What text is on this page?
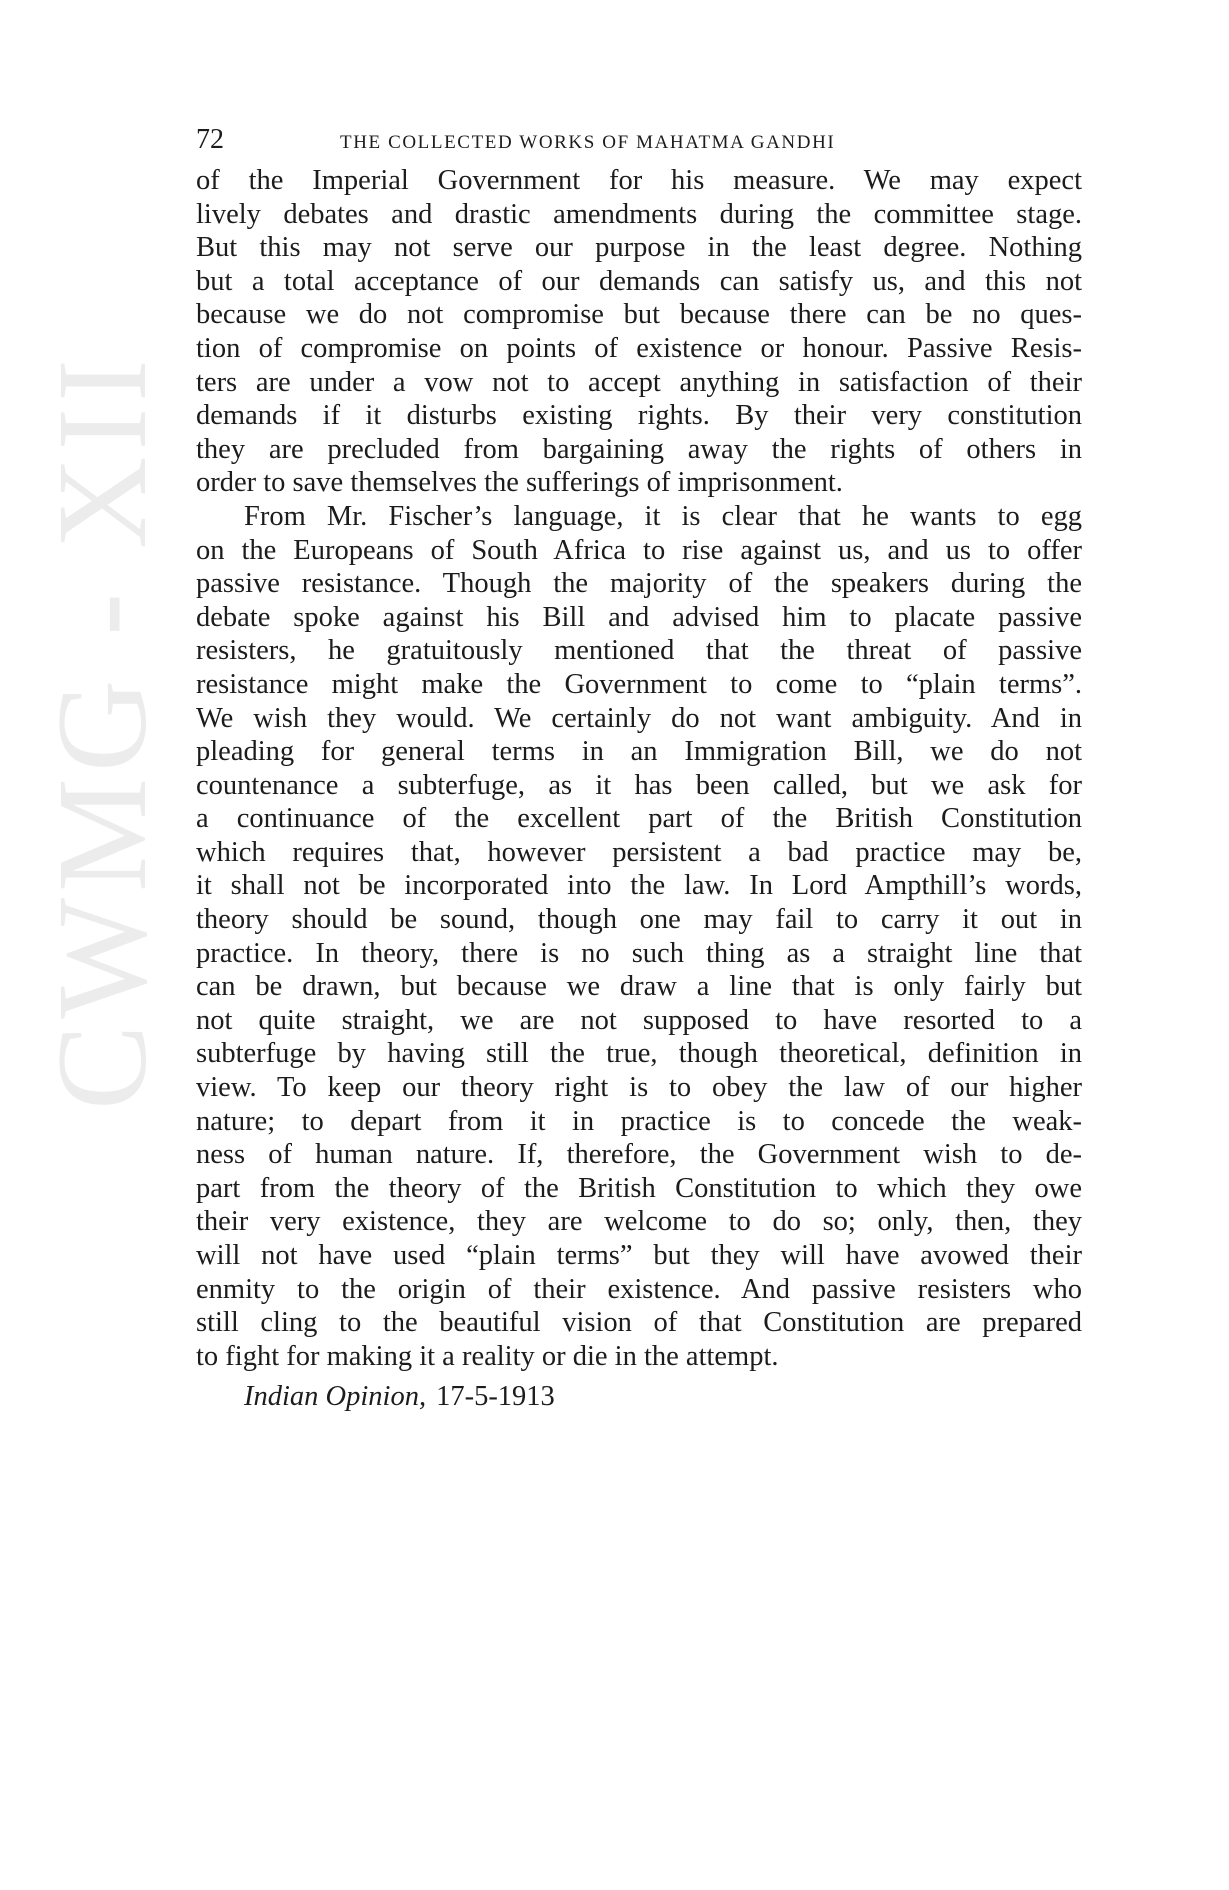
CWMG - XII
72	THE COLLECTED WORKS OF MAHATMA GANDHI
of the Imperial Government for his measure. We may expect
lively debates and drastic amendments during the committee stage.
But this may not serve our purpose in the least degree. Nothing
but a total acceptance of our demands can satisfy us, and this not
because we do not compromise but because there can be no ques-
tion of compromise on points of existence or honour. Passive Resis-
ters are under a vow not to accept anything in satisfaction of their
demands if it disturbs existing rights. By their very constitution
they are precluded from bargaining away the rights of others in
order to save themselves the sufferings of imprisonment.
From Mr. Fischer’s language, it is clear that he wants to egg
on the Europeans of South Africa to rise against us, and us to offer
passive resistance. Though the majority of the speakers during the
debate spoke against his Bill and advised him to placate passive
resisters, he gratuitously mentioned that the threat of passive
resistance might make the Government to come to “plain terms”.
We wish they would. We certainly do not want ambiguity. And in
pleading for general terms in an Immigration Bill, we do not
countenance a subterfuge, as it has been called, but we ask for
a continuance of the excellent part of the British Constitution
which requires that, however persistent a bad practice may be,
it shall not be incorporated into the law. In Lord Ampthill’s words,
theory should be sound, though one may fail to carry it out in
practice. In theory, there is no such thing as a straight line that
can be drawn, but because we draw a line that is only fairly but
not quite straight, we are not supposed to have resorted to a
subterfuge by having still the true, though theoretical, definition in
view. To keep our theory right is to obey the law of our higher
nature; to depart from it in practice is to concede the weak-
ness of human nature. If, therefore, the Government wish to de-
part from the theory of the British Constitution to which they owe
their very existence, they are welcome to do so; only, then, they
will not have used “plain terms” but they will have avowed their
enmity to the origin of their existence. And passive resisters who
still cling to the beautiful vision of that Constitution are prepared
to fight for making it a reality or die in the attempt.
Indian Opinion, 17-5-1913
